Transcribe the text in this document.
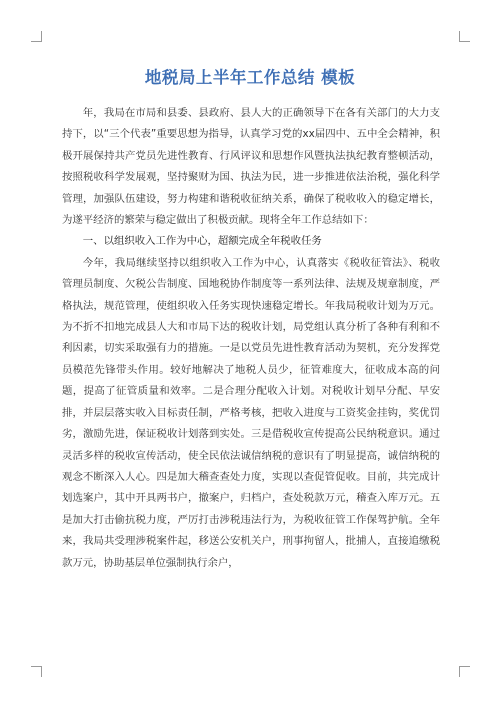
地税局上半年工作总结 模板

年，我局在市局和县委、县政府、县人大的正确领导下在各有关部门的大力支持下，以“三个代表”重要思想为指导，认真学习党的xx届四中、五中全会精神，积极开展保持共产党员先进性教育、行风评议和思想作风暨执法执纪教育整顿活动，按照税收科学发展观，坚持聚财为国、执法为民，进一步推进依法治税，强化科学管理，加强队伍建设，努力构建和谐税收征纳关系，确保了税收收入的稳定增长，为遂平经济的繁荣与稳定做出了积极贡献。现将全年工作总结如下：

一、以组织收入工作为中心，超额完成全年税收任务

今年，我局继续坚持以组织收入工作为中心，认真落实《税收征管法》、税收管理员制度、欠税公告制度、国地税协作制度等一系列法律、法规及规章制度，严格执法，规范管理，使组织收入任务实现快速稳定增长。年我局税收计划为万元。为不折不扣地完成县人大和市局下达的税收计划，局党组认真分析了各种有利和不利因素，切实采取强有力的措施。一是以党员先进性教育活动为契机，充分发挥党员模范先锋带头作用。较好地解决了地税人员少，征管难度大，征收成本高的问题，提高了征管质量和效率。二是合理分配收入计划。对税收计划早分配、早安排，并层层落实收入目标责任制，严格考核，把收入进度与工资奖金挂钩，奖优罚劣，激励先进，保证税收计划落到实处。三是借税收宣传提高公民纳税意识。通过灵活多样的税收宣传活动，使全民依法诚信纳税的意识有了明显提高，诚信纳税的观念不断深入人心。四是加大稽查查处力度，实现以查促管促收。目前，共完成计划选案户，其中开具两书户，撤案户，归档户，查处税款万元，稽查入库万元。五是加大打击偷抗税力度，严厉打击涉税违法行为，为税收征管工作保驾护航。全年来，我局共受理涉税案件起，移送公安机关户，刑事拘留人，批捕人，直接追缴税款万元，协助基层单位强制执行余户，
